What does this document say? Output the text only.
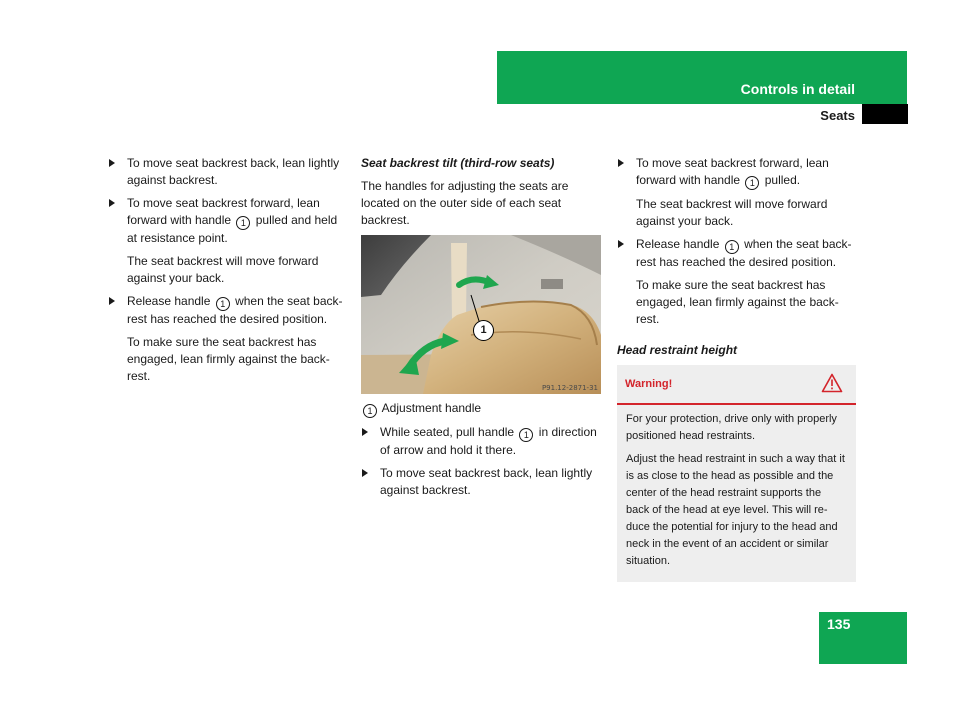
Controls in detail
Seats
To move seat backrest back, lean lightly against backrest.
To move seat backrest forward, lean forward with handle 1 pulled and held at resistance point.
The seat backrest will move forward against your back.
Release handle 1 when the seat back-rest has reached the desired position.
To make sure the seat backrest has engaged, lean firmly against the back-rest.
Seat backrest tilt (third-row seats)
The handles for adjusting the seats are located on the outer side of each seat backrest.
1
P91.12-2871-31
1 Adjustment handle
While seated, pull handle 1 in direction of arrow and hold it there.
To move seat backrest back, lean lightly against backrest.
To move seat backrest forward, lean forward with handle 1 pulled.
The seat backrest will move forward against your back.
Release handle 1 when the seat back-rest has reached the desired position.
To make sure the seat backrest has engaged, lean firmly against the back-rest.
Head restraint height
Warning!

For your protection, drive only with properly positioned head restraints.

Adjust the head restraint in such a way that it is as close to the head as possible and the center of the head restraint supports the back of the head at eye level. This will re-duce the potential for injury to the head and neck in the event of an accident or similar situation.

135
